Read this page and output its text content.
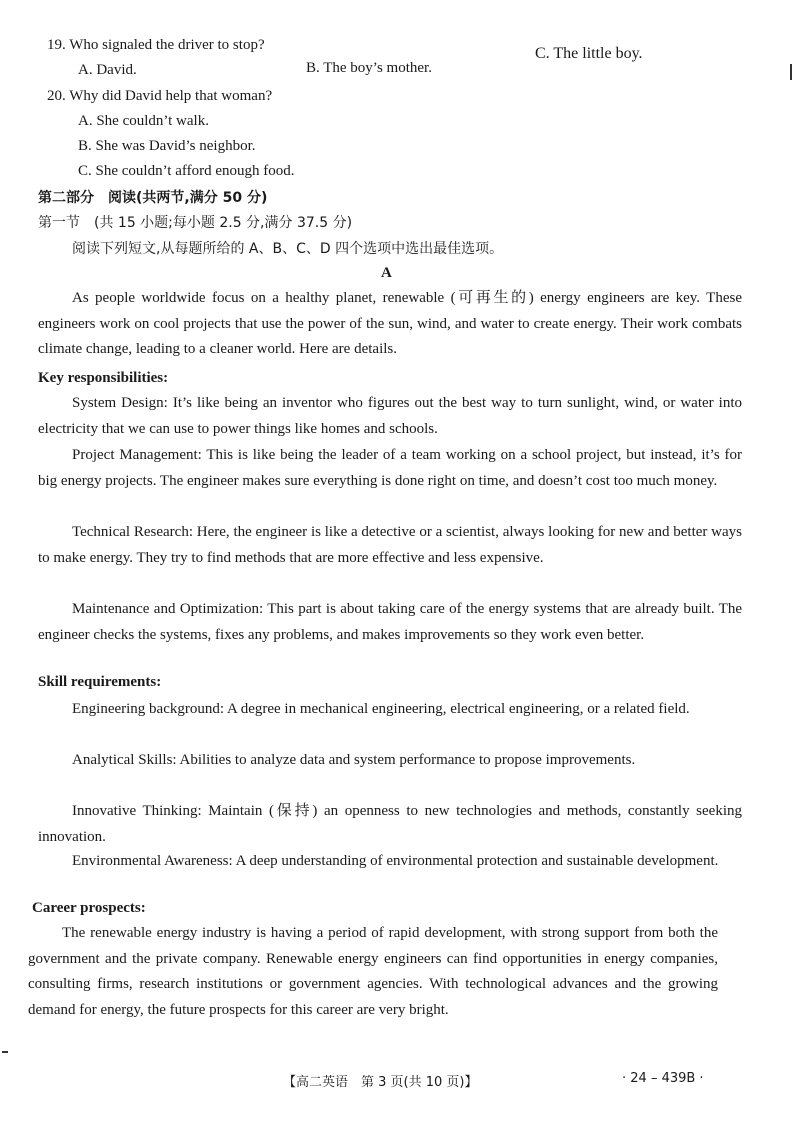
19. Who signaled the driver to stop?
A. David.	B. The boy’s mother.
C. The little boy.
20. Why did David help that woman?
A. She couldn’t walk.
B. She was David’s neighbor.
C. She couldn’t afford enough food.
第二部分　阅读(共两节,满分 50 分)
第一节　(共 15 小题;每小题 2.5 分,满分 37.5 分)
阅读下列短文,从每题所给的 A、B、C、D 四个选项中选出最佳选项。
A

As people worldwide focus on a healthy planet, renewable (可再生的) energy engineers are key. These engineers work on cool projects that use the power of the sun, wind, and water to create energy. Their work combats climate change, leading to a cleaner world. Here are details.

Key responsibilities:

System Design: It’s like being an inventor who figures out the best way to turn sunlight, wind, or water into electricity that we can use to power things like homes and schools.

Project Management: This is like being the leader of a team working on a school project, but instead, it’s for big energy projects. The engineer makes sure everything is done right on time, and doesn’t cost too much money.

Technical Research: Here, the engineer is like a detective or a scientist, always looking for new and better ways to make energy. They try to find methods that are more effective and less expensive.

Maintenance and Optimization: This part is about taking care of the energy systems that are already built. The engineer checks the systems, fixes any problems, and makes improvements so they work even better.

Skill requirements:

Engineering background: A degree in mechanical engineering, electrical engineering, or a related field.

Analytical Skills: Abilities to analyze data and system performance to propose improvements.

Innovative Thinking: Maintain (保持) an openness to new technologies and methods, constantly seeking innovation.

Environmental Awareness: A deep understanding of environmental protection and sustainable development.

Career prospects:

The renewable energy industry is having a period of rapid development, with strong support from both the government and the private company. Renewable energy engineers can find opportunities in energy companies, consulting firms, research institutions or government agencies. With technological advances and the growing demand for energy, the future prospects for this career are very bright.

【高二英语　第 3 页(共 10 页)】	· 24 – 439B ·
